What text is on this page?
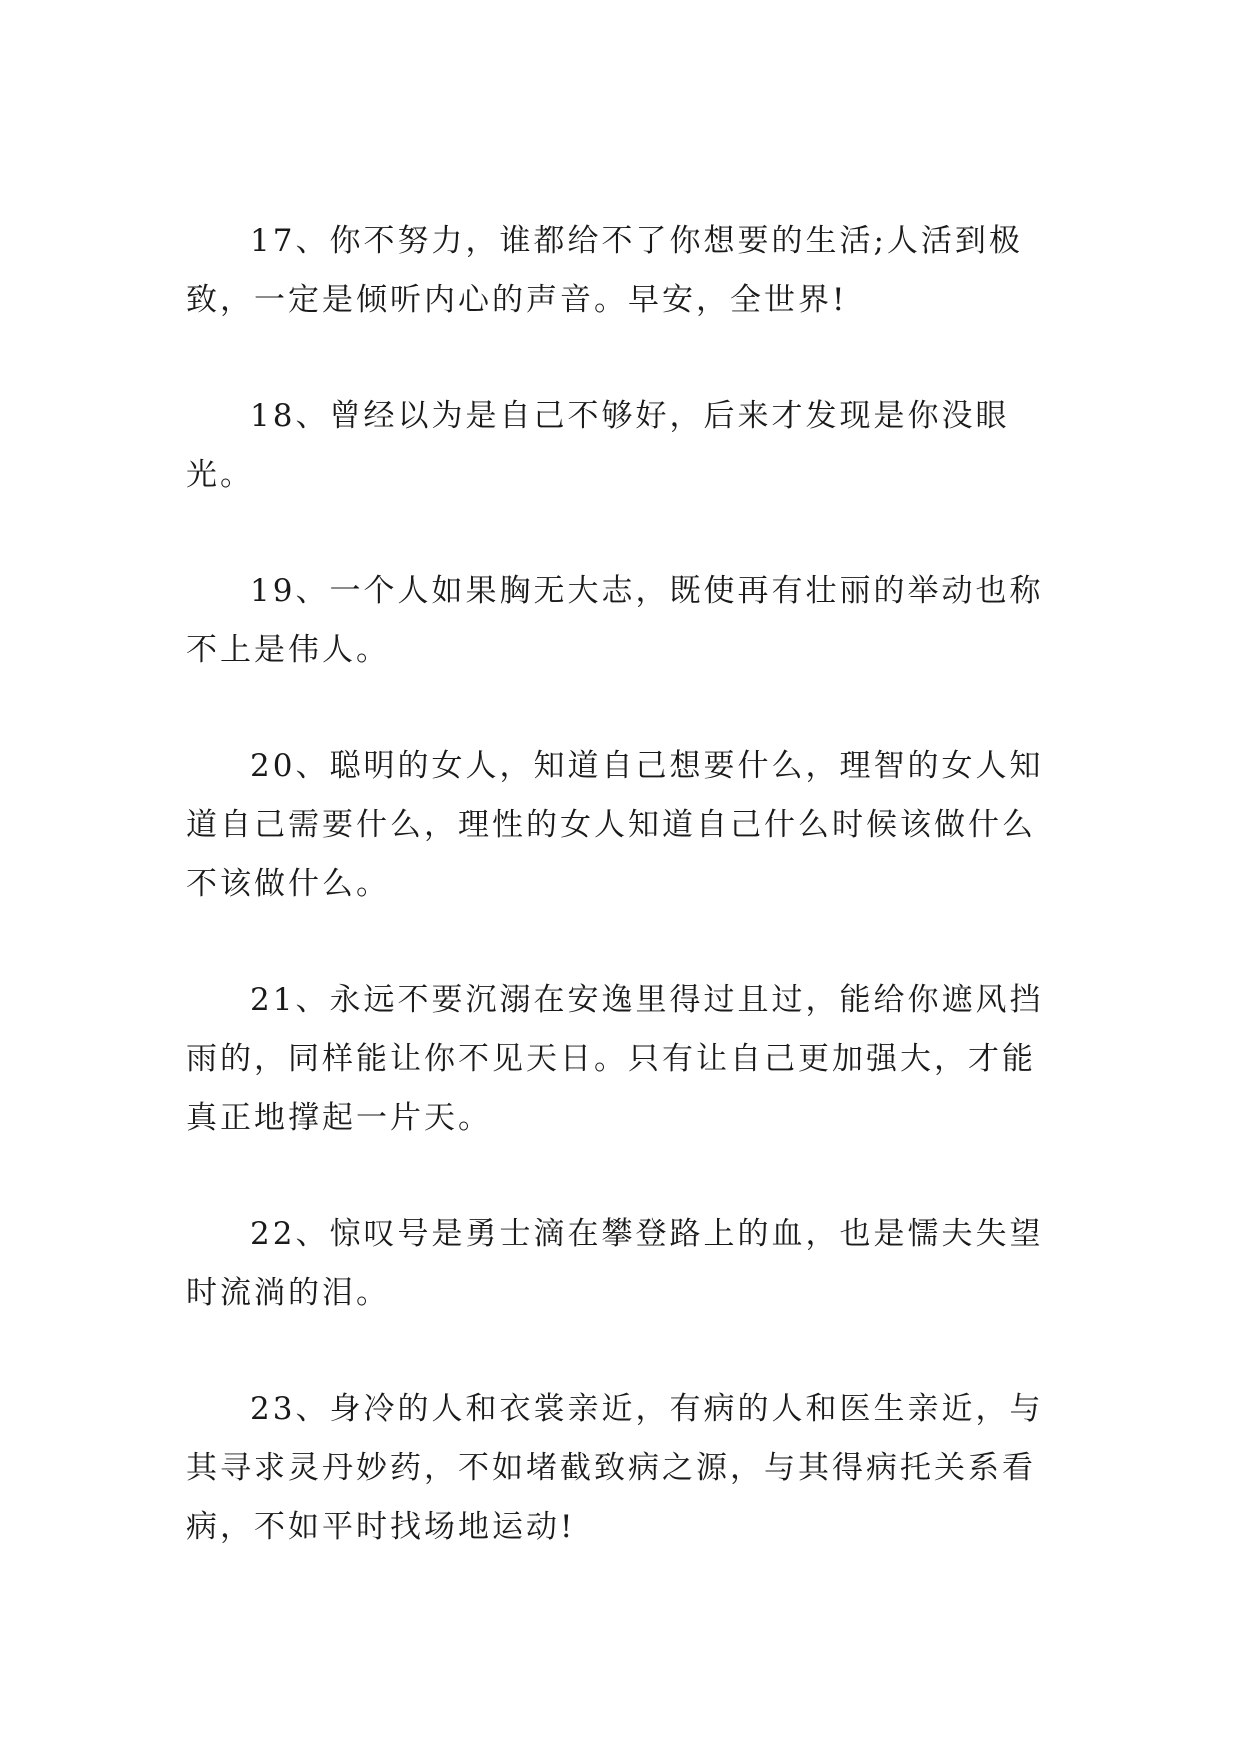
17、你不努力，谁都给不了你想要的生活;人活到极致，一定是倾听内心的声音。早安，全世界!

18、曾经以为是自己不够好，后来才发现是你没眼光。

19、一个人如果胸无大志，既使再有壮丽的举动也称不上是伟人。

20、聪明的女人，知道自己想要什么，理智的女人知道自己需要什么，理性的女人知道自己什么时候该做什么不该做什么。

21、永远不要沉溺在安逸里得过且过，能给你遮风挡雨的，同样能让你不见天日。只有让自己更加强大，才能真正地撑起一片天。

22、惊叹号是勇士滴在攀登路上的血，也是懦夫失望时流淌的泪。

23、身冷的人和衣裳亲近，有病的人和医生亲近，与其寻求灵丹妙药，不如堵截致病之源，与其得病托关系看病，不如平时找场地运动!
